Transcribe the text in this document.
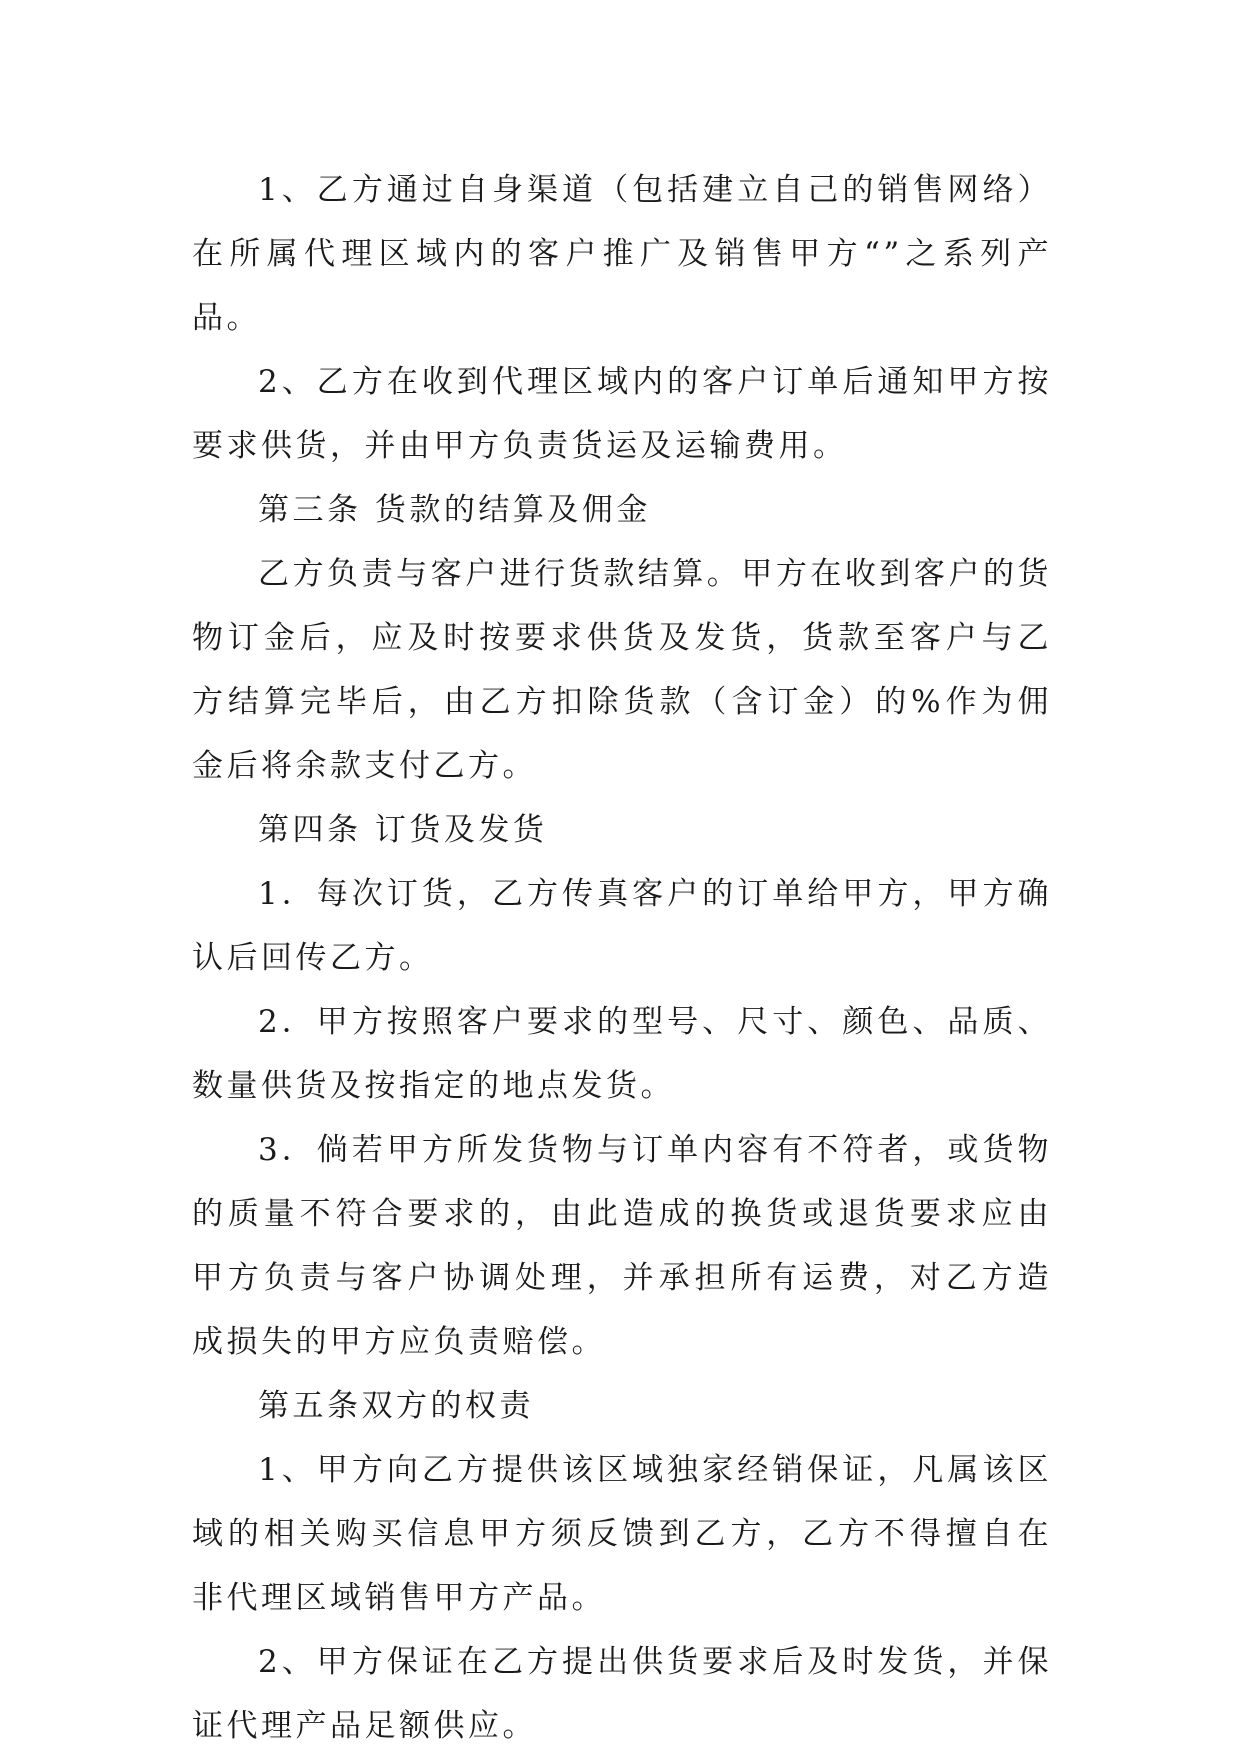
1、乙方通过自身渠道（包括建立自己的销售网络）在所属代理区域内的客户推广及销售甲方“”之系列产品。

2、乙方在收到代理区域内的客户订单后通知甲方按要求供货，并由甲方负责货运及运输费用。

第三条 货款的结算及佣金

乙方负责与客户进行货款结算。甲方在收到客户的货物订金后，应及时按要求供货及发货，货款至客户与乙方结算完毕后，由乙方扣除货款（含订金）的%作为佣金后将余款支付乙方。

第四条 订货及发货

1．每次订货，乙方传真客户的订单给甲方，甲方确认后回传乙方。

2．甲方按照客户要求的型号、尺寸、颜色、品质、数量供货及按指定的地点发货。

3．倘若甲方所发货物与订单内容有不符者，或货物的质量不符合要求的，由此造成的换货或退货要求应由甲方负责与客户协调处理，并承担所有运费，对乙方造成损失的甲方应负责赔偿。

第五条双方的权责

1、甲方向乙方提供该区域独家经销保证，凡属该区域的相关购买信息甲方须反馈到乙方，乙方不得擅自在非代理区域销售甲方产品。

2、甲方保证在乙方提出供货要求后及时发货，并保证代理产品足额供应。
